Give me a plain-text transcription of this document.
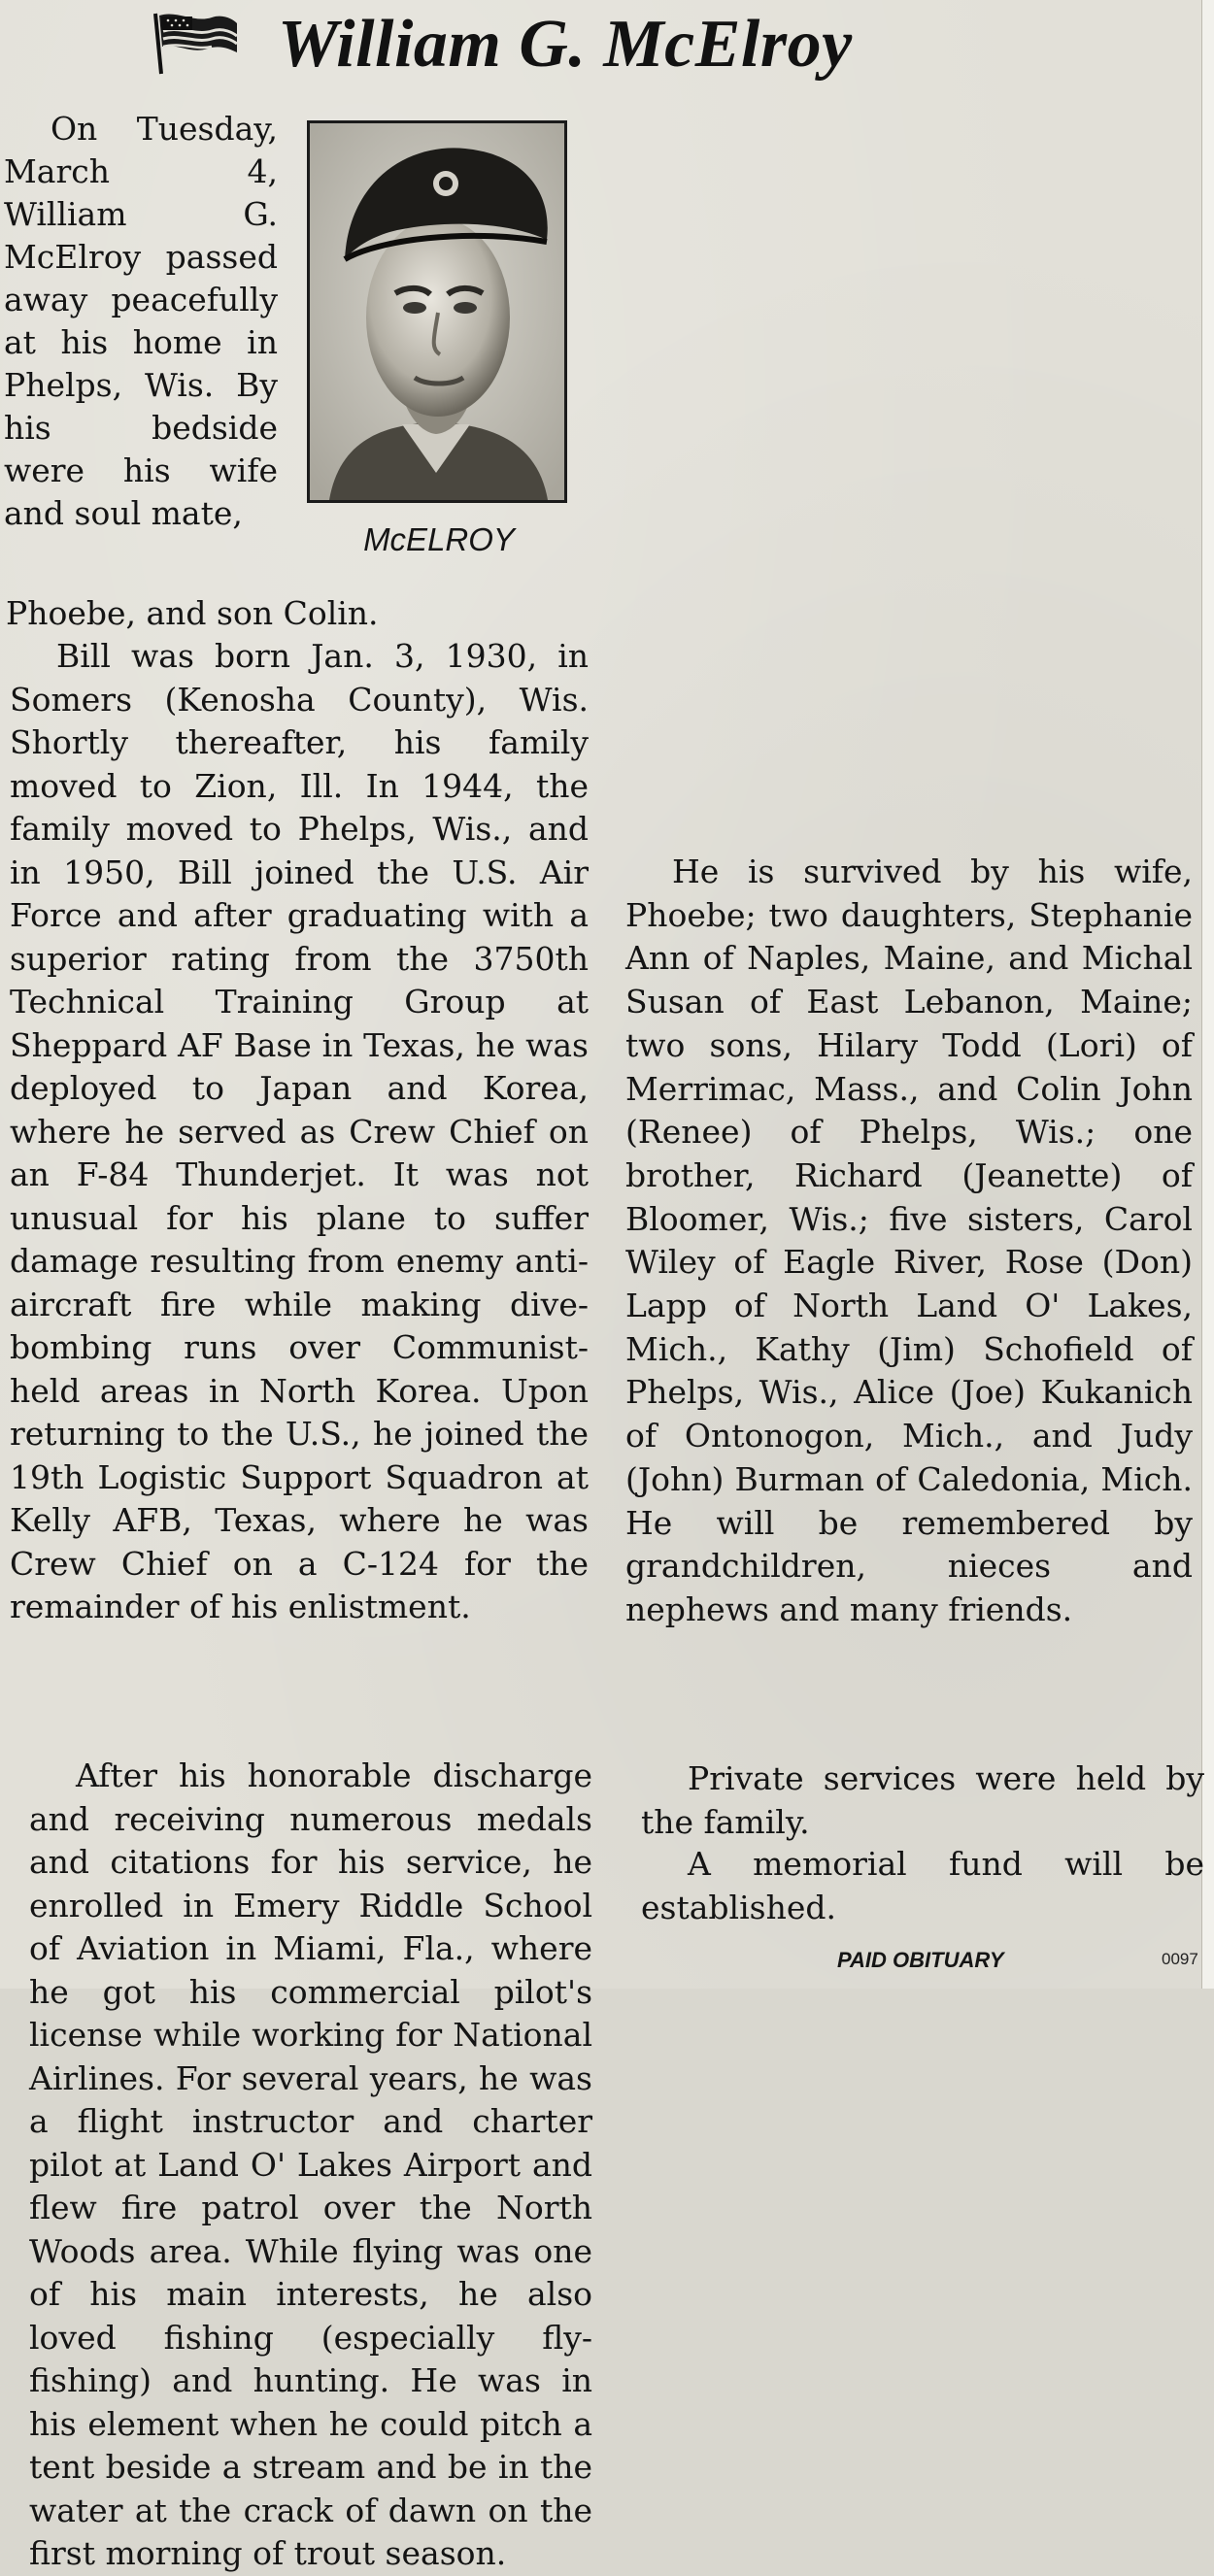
William G. McElroy
McELROY

On Tuesday, March 4, William G. McElroy passed away peacefully at his home in Phelps, Wis. By his bedside were his wife and soul mate,

Phoebe, and son Colin.

Bill was born Jan. 3, 1930, in Somers (Kenosha County), Wis. Shortly thereafter, his family moved to Zion, Ill. In 1944, the family moved to Phelps, Wis., and in 1950, Bill joined the U.S. Air Force and after graduating with a superior rating from the 3750th Technical Training Group at Sheppard AF Base in Texas, he was deployed to Japan and Korea, where he served as Crew Chief on an F-84 Thunderjet. It was not unusual for his plane to suffer damage resulting from enemy anti-aircraft fire while making dive-bombing runs over Communist-held areas in North Korea. Upon returning to the U.S., he joined the 19th Logistic Support Squadron at Kelly AFB, Texas, where he was Crew Chief on a C-124 for the remainder of his enlistment.

After his honorable discharge and receiving numerous medals and citations for his service, he enrolled in Emery Riddle School of Aviation in Miami, Fla., where he got his commercial pilot's license while working for National Airlines. For several years, he was a flight instructor and charter pilot at Land O' Lakes Airport and flew fire patrol over the North Woods area. While flying was one of his main interests, he also loved fishing (especially fly-fishing) and hunting. He was in his element when he could pitch a tent beside a stream and be in the water at the crack of dawn on the first morning of trout season.

He is survived by his wife, Phoebe; two daughters, Stephanie Ann of Naples, Maine, and Michal Susan of East Lebanon, Maine; two sons, Hilary Todd (Lori) of Merrimac, Mass., and Colin John (Renee) of Phelps, Wis.; one brother, Richard (Jeanette) of Bloomer, Wis.; five sisters, Carol Wiley of Eagle River, Rose (Don) Lapp of North Land O' Lakes, Mich., Kathy (Jim) Schofield of Phelps, Wis., Alice (Joe) Kukanich of Ontonogon, Mich., and Judy (John) Burman of Caledonia, Mich. He will be remembered by grandchildren, nieces and nephews and many friends.

Private services were held by the family.

A memorial fund will be established.

PAID OBITUARY	0097
